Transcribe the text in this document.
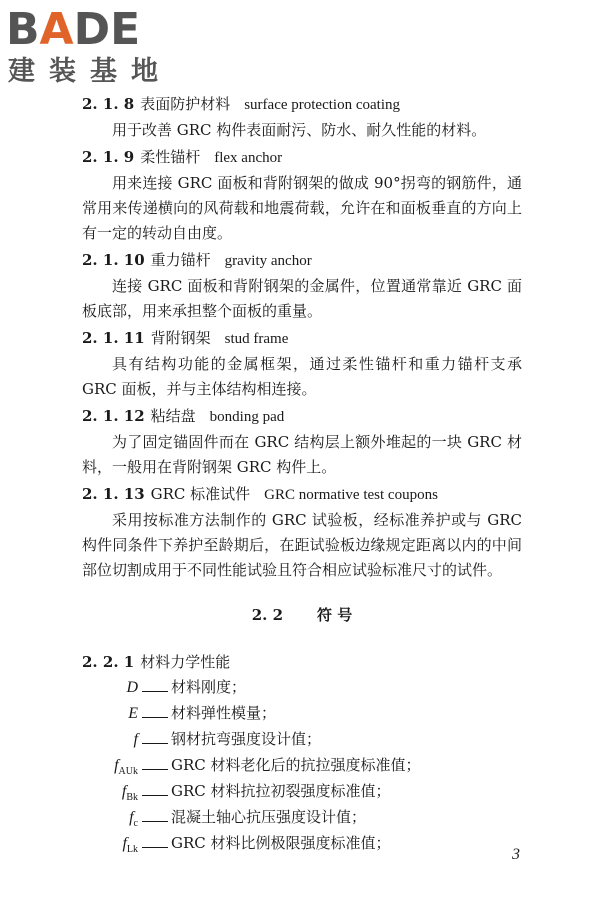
BADE
建装基地

2. 1. 8 表面防护材料 surface protection coating

用于改善 GRC 构件表面耐污、防水、耐久性能的材料。

2. 1. 9 柔性锚杆 flex anchor

用来连接 GRC 面板和背附钢架的做成 90°拐弯的钢筋件，通常用来传递横向的风荷载和地震荷载，允许在和面板垂直的方向上有一定的转动自由度。

2. 1. 10 重力锚杆 gravity anchor

连接 GRC 面板和背附钢架的金属件，位置通常靠近 GRC 面板底部，用来承担整个面板的重量。

2. 1. 11 背附钢架 stud frame

具有结构功能的金属框架，通过柔性锚杆和重力锚杆支承 GRC 面板，并与主体结构相连接。

2. 1. 12 粘结盘 bonding pad

为了固定锚固件而在 GRC 结构层上额外堆起的一块 GRC 材料，一般用在背附钢架 GRC 构件上。

2. 1. 13 GRC 标准试件 GRC normative test coupons

采用按标准方法制作的 GRC 试验板，经标准养护或与 GRC 构件同条件下养护至龄期后，在距试验板边缘规定距离以内的中间部位切割成用于不同性能试验且符合相应试验标准尺寸的试件。

2. 2 符 号

2. 2. 1 材料力学性能

D 材料刚度；
E 材料弹性模量；
f 钢材抗弯强度设计值；
$f_{AUk}$ GRC 材料老化后的抗拉强度标准值；
$f_{Bk}$ GRC 材料抗拉初裂强度标准值；
$f_c$ 混凝土轴心抗压强度设计值；
$f_{Lk}$ GRC 材料比例极限强度标准值；
3
